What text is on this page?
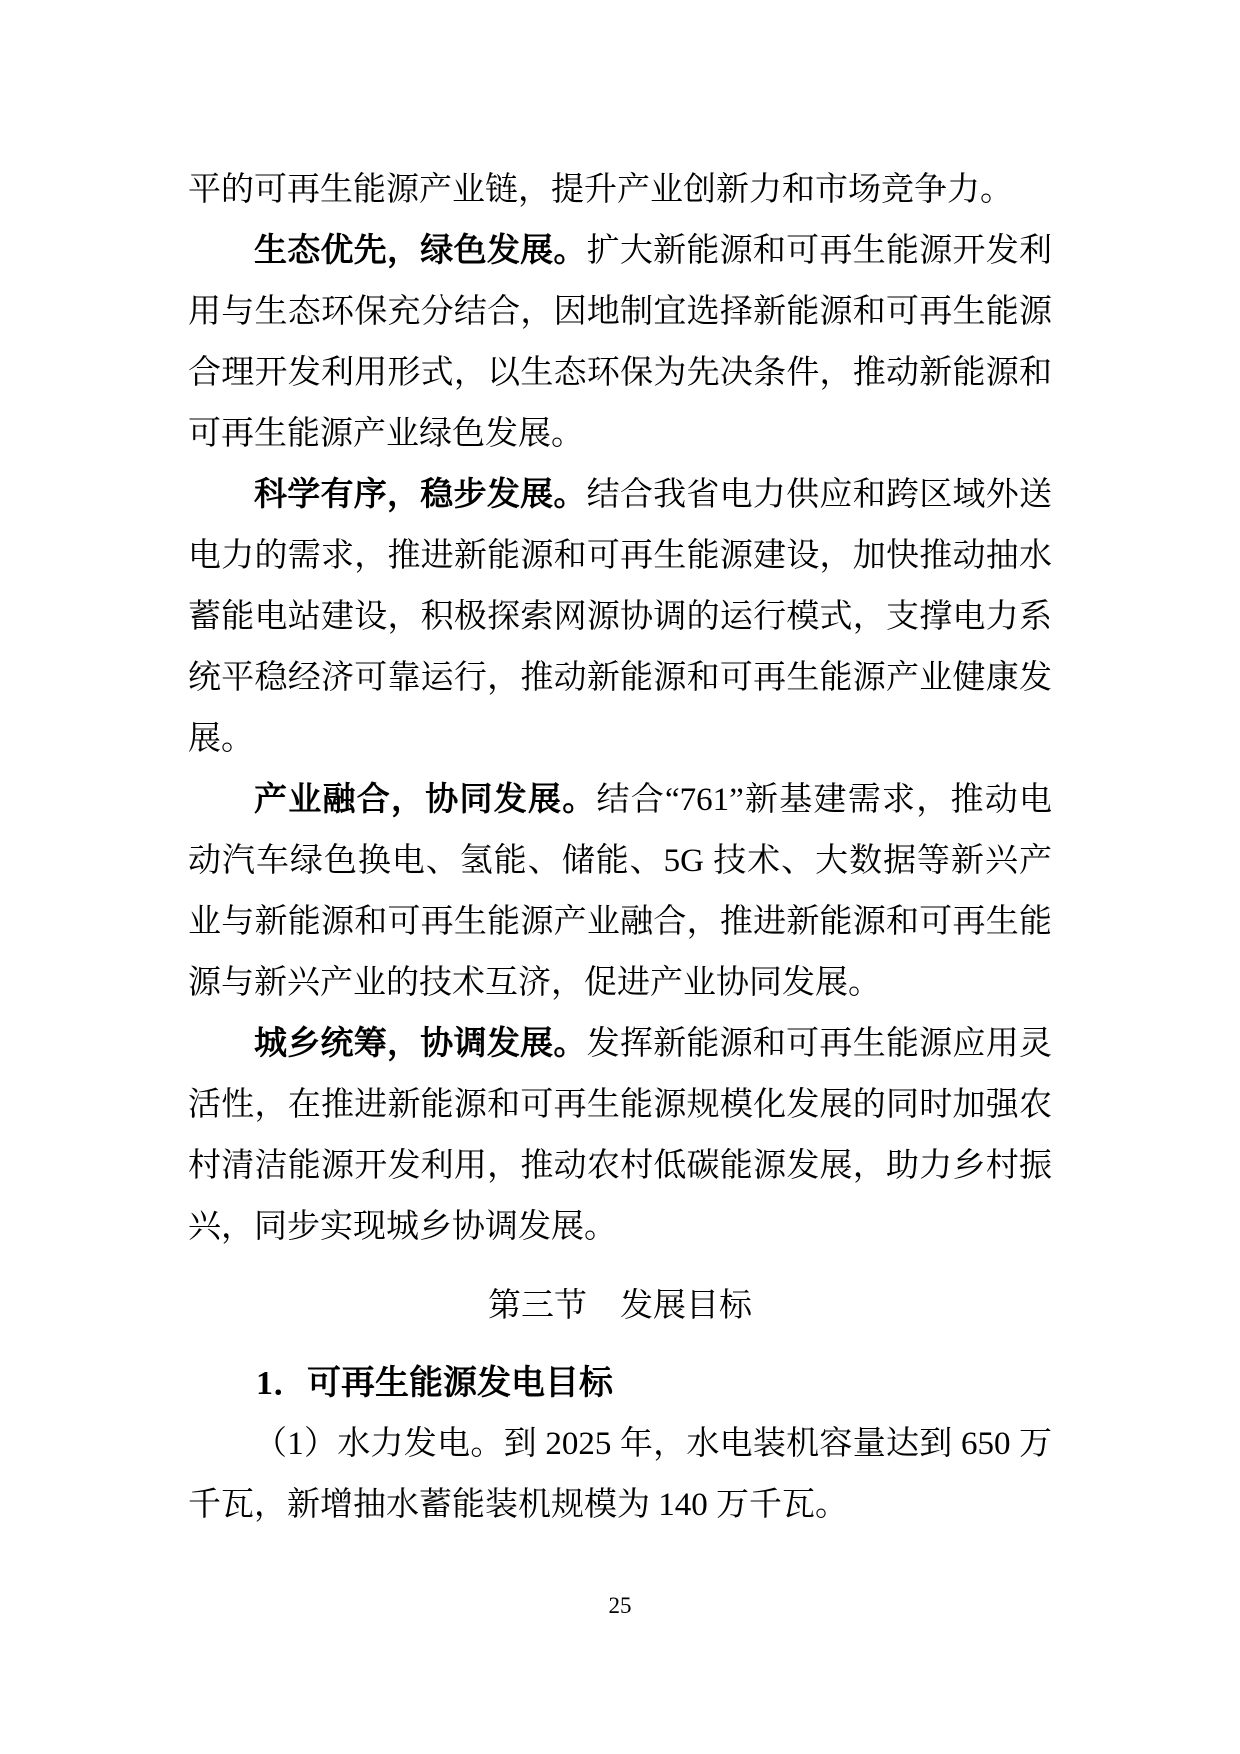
平的可再生能源产业链，提升产业创新力和市场竞争力。

生态优先，绿色发展。扩大新能源和可再生能源开发利用与生态环保充分结合，因地制宜选择新能源和可再生能源合理开发利用形式，以生态环保为先决条件，推动新能源和可再生能源产业绿色发展。

科学有序，稳步发展。结合我省电力供应和跨区域外送电力的需求，推进新能源和可再生能源建设，加快推动抽水蓄能电站建设，积极探索网源协调的运行模式，支撑电力系统平稳经济可靠运行，推动新能源和可再生能源产业健康发展。

产业融合，协同发展。结合“761”新基建需求，推动电动汽车绿色换电、氢能、储能、5G 技术、大数据等新兴产业与新能源和可再生能源产业融合，推进新能源和可再生能源与新兴产业的技术互济，促进产业协同发展。

城乡统筹，协调发展。发挥新能源和可再生能源应用灵活性，在推进新能源和可再生能源规模化发展的同时加强农村清洁能源开发利用，推动农村低碳能源发展，助力乡村振兴，同步实现城乡协调发展。

第三节　发展目标
1．可再生能源发电目标

（1）水力发电。到 2025 年，水电装机容量达到 650 万千瓦，新增抽水蓄能装机规模为 140 万千瓦。

25
